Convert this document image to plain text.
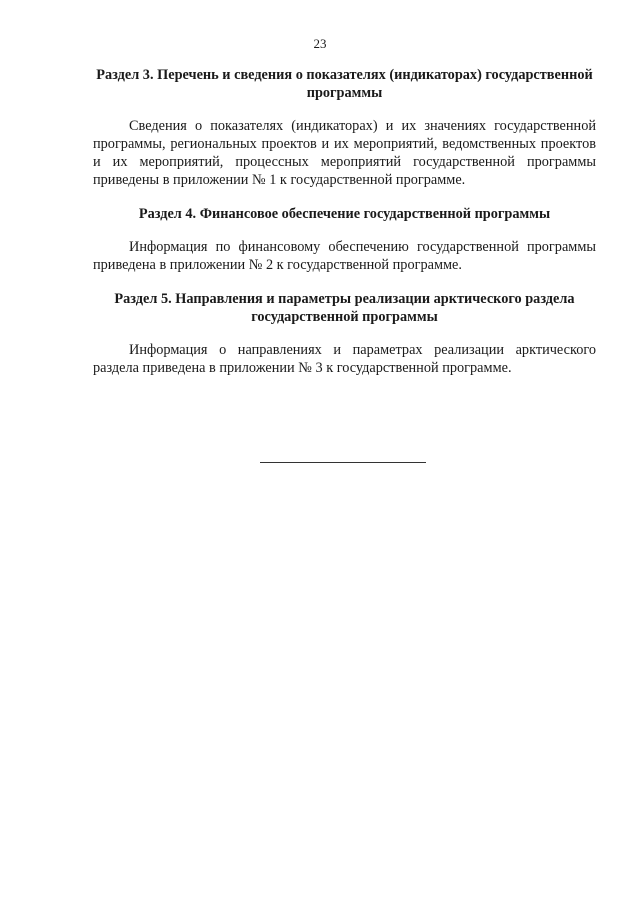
23

Раздел 3. Перечень и сведения о показателях (индикаторах) государственной программы

Сведения о показателях (индикаторах) и их значениях государственной программы, региональных проектов и их мероприятий, ведомственных проектов и их мероприятий, процессных мероприятий государственной программы приведены в приложении № 1 к государственной программе.

Раздел 4. Финансовое обеспечение государственной программы

Информация по финансовому обеспечению государственной программы приведена в приложении № 2 к государственной программе.

Раздел 5. Направления и параметры реализации арктического раздела государственной программы

Информация о направлениях и параметрах реализации арктического раздела приведена в приложении № 3 к государственной программе.
